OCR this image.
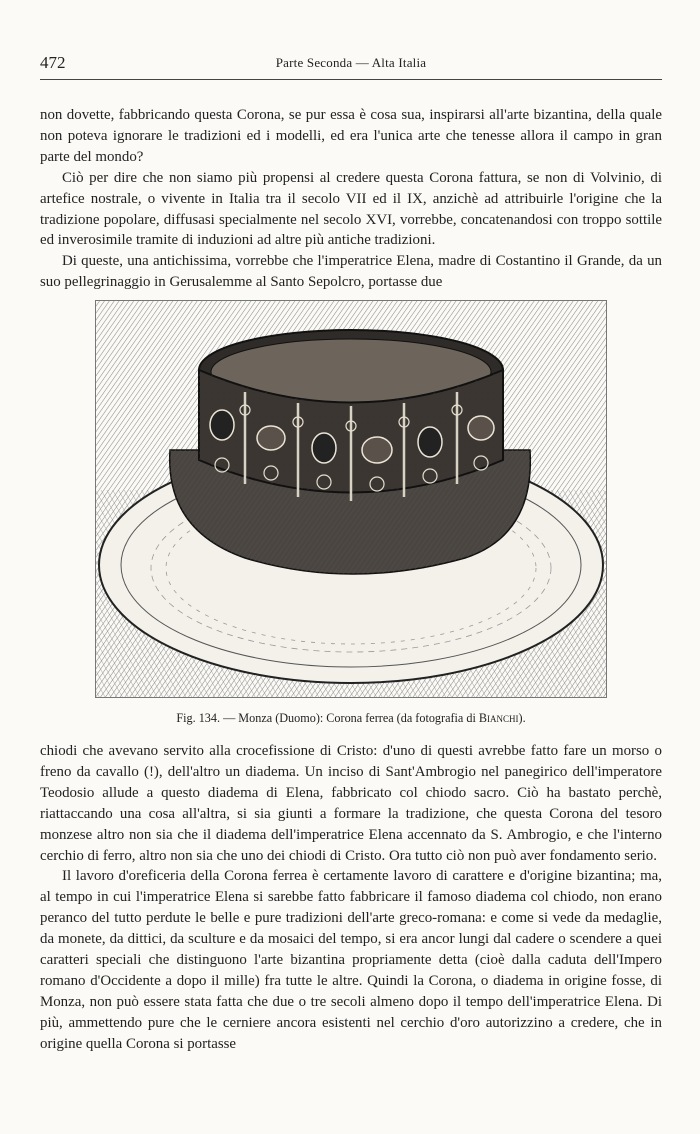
472	Parte Seconda — Alta Italia

non dovette, fabbricando questa Corona, se pur essa è cosa sua, inspirarsi all'arte bizantina, della quale non poteva ignorare le tradizioni ed i modelli, ed era l'unica arte che tenesse allora il campo in gran parte del mondo?

Ciò per dire che non siamo più propensi al credere questa Corona fattura, se non di Volvinio, di artefice nostrale, o vivente in Italia tra il secolo VII ed il IX, anzichè ad attribuirle l'origine che la tradizione popolare, diffusasi specialmente nel secolo XVI, vorrebbe, concatenandosi con troppo sottile ed inverosimile tramite di induzioni ad altre più antiche tradizioni.

Di queste, una antichissima, vorrebbe che l'imperatrice Elena, madre di Costantino il Grande, da un suo pellegrinaggio in Gerusalemme al Santo Sepolcro, portasse due

Fig. 134. — Monza (Duomo): Corona ferrea (da fotografia di Bianchi).

chiodi che avevano servito alla crocefissione di Cristo: d'uno di questi avrebbe fatto fare un morso o freno da cavallo (!), dell'altro un diadema. Un inciso di Sant'Ambrogio nel panegirico dell'imperatore Teodosio allude a questo diadema di Elena, fabbricato col chiodo sacro. Ciò ha bastato perchè, riattaccando una cosa all'altra, si sia giunti a formare la tradizione, che questa Corona del tesoro monzese altro non sia che il diadema dell'imperatrice Elena accennato da S. Ambrogio, e che l'interno cerchio di ferro, altro non sia che uno dei chiodi di Cristo. Ora tutto ciò non può aver fondamento serio.

Il lavoro d'oreficeria della Corona ferrea è certamente lavoro di carattere e d'origine bizantina; ma, al tempo in cui l'imperatrice Elena si sarebbe fatto fabbricare il famoso diadema col chiodo, non erano peranco del tutto perdute le belle e pure tradizioni dell'arte greco-romana: e come si vede da medaglie, da monete, da dittici, da sculture e da mosaici del tempo, si era ancor lungi dal cadere o scendere a quei caratteri speciali che distinguono l'arte bizantina propriamente detta (cioè dalla caduta dell'Impero romano d'Occidente a dopo il mille) fra tutte le altre. Quindi la Corona, o diadema in origine fosse, di Monza, non può essere stata fatta che due o tre secoli almeno dopo il tempo dell'imperatrice Elena. Di più, ammettendo pure che le cerniere ancora esistenti nel cerchio d'oro autorizzino a credere, che in origine quella Corona si portasse
